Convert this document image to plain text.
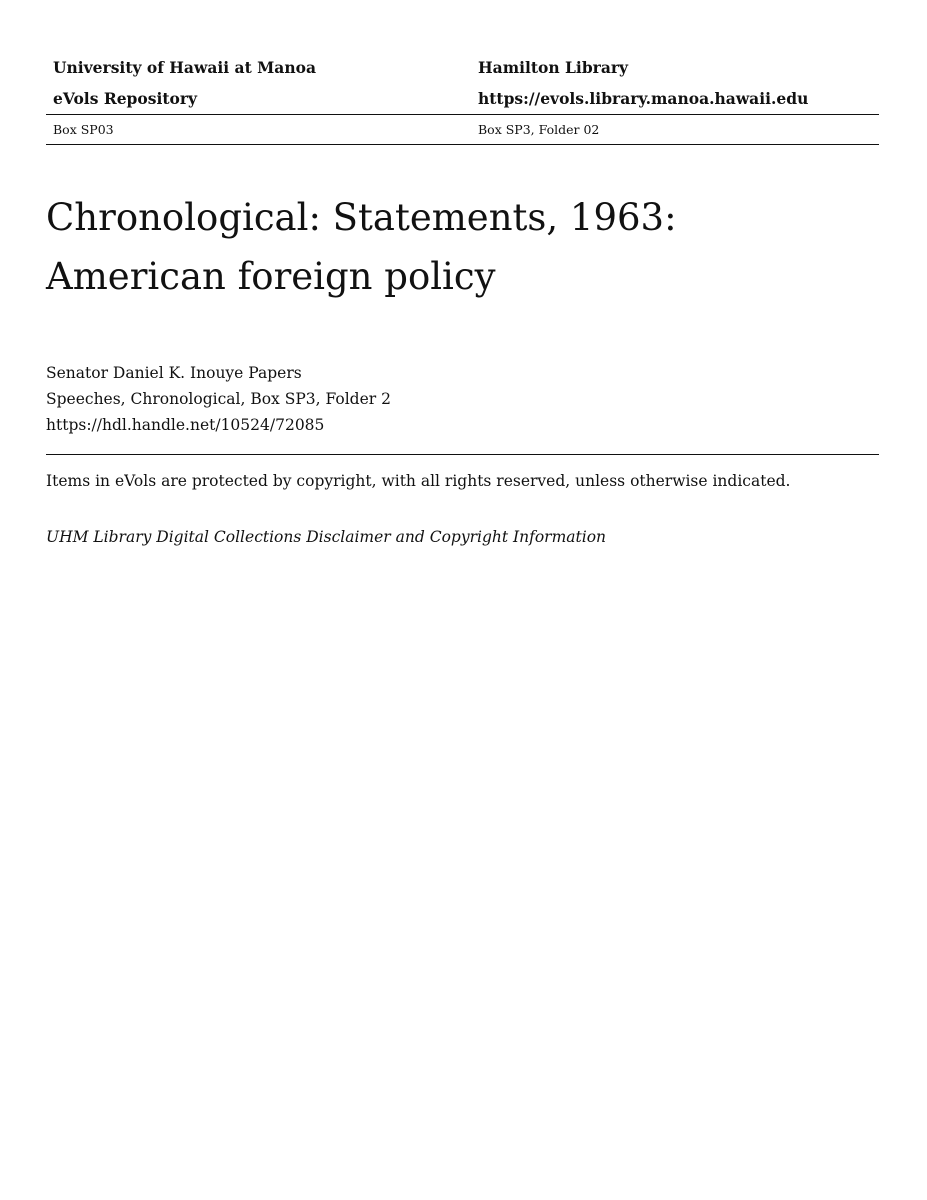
University of Hawaii at Manoa	Hamilton Library
eVols Repository	https://evols.library.manoa.hawaii.edu
Box SP03	Box SP3, Folder 02
Chronological: Statements, 1963:
American foreign policy
Senator Daniel K. Inouye Papers
Speeches, Chronological, Box SP3, Folder 2
https://hdl.handle.net/10524/72085
Items in eVols are protected by copyright, with all rights reserved, unless otherwise indicated.
UHM Library Digital Collections Disclaimer and Copyright Information
